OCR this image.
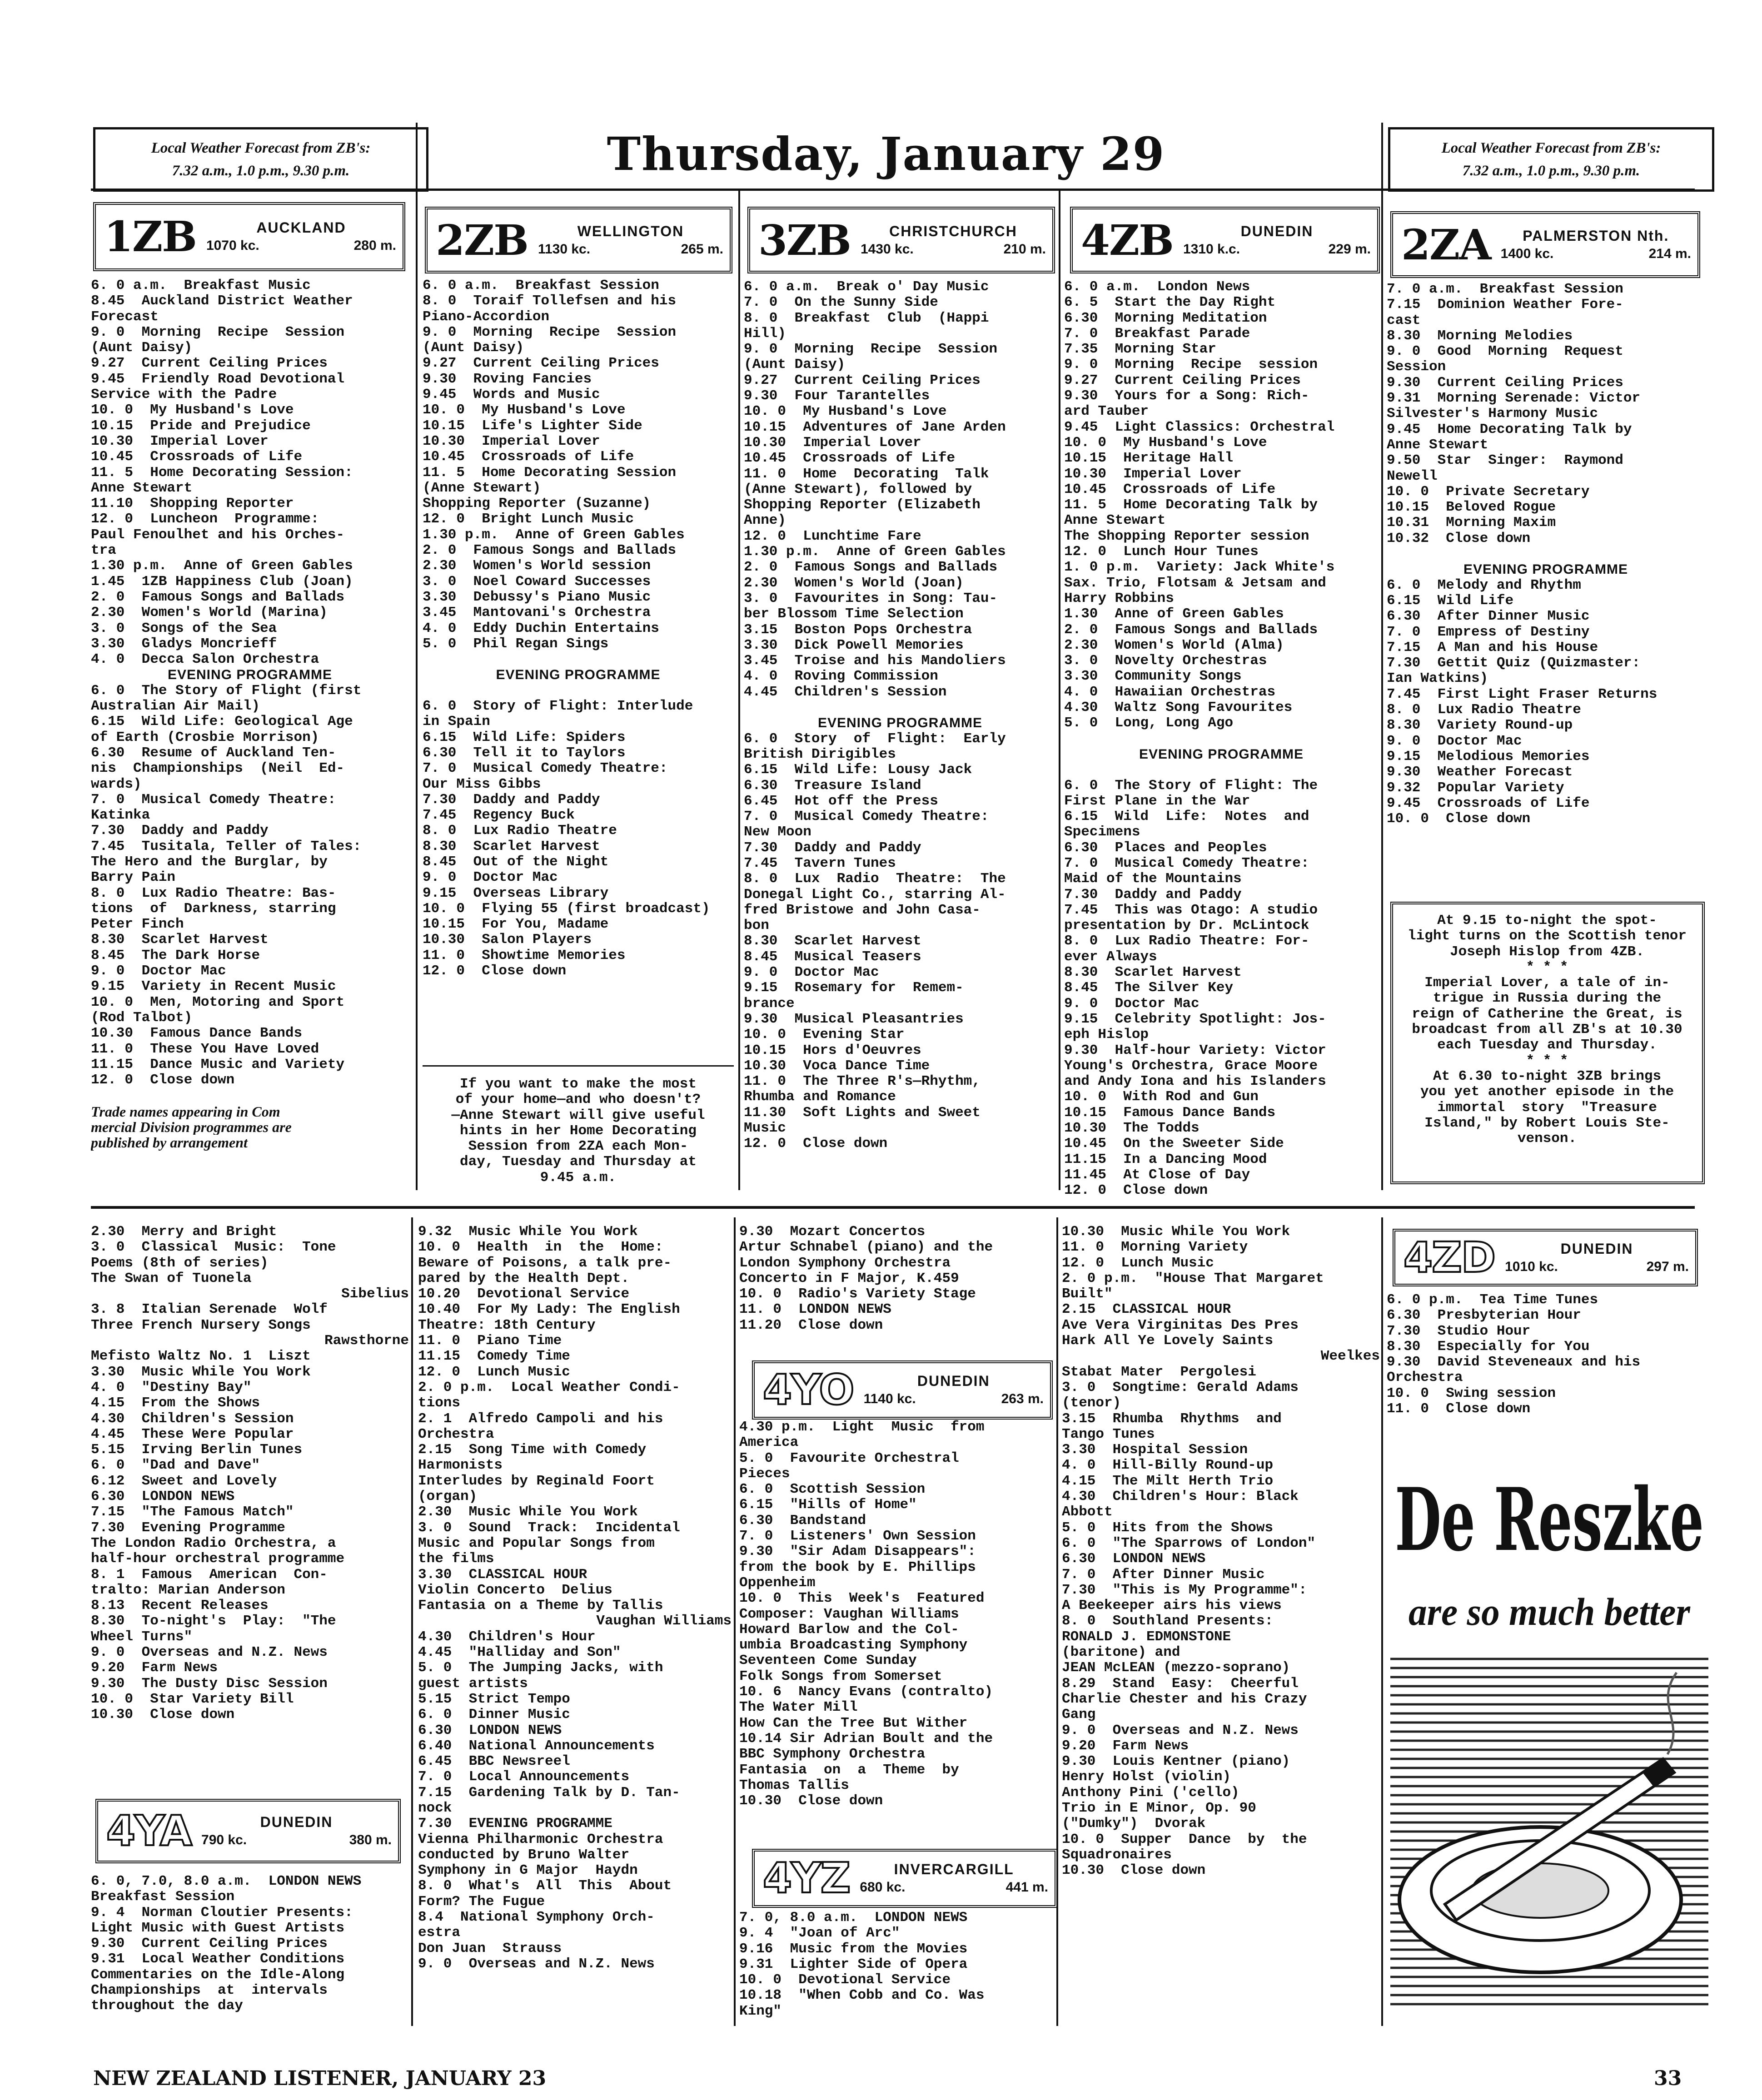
Local Weather Forecast from ZB's:
7.32 a.m., 1.0 p.m., 9.30 p.m.	Thursday, January 29	Local Weather Forecast from ZB's:
7.32 a.m., 1.0 p.m., 9.30 p.m.
1ZB	AUCKLAND
1070 kc.	280 m. 2ZB	WELLINGTON
1130 kc.	265 m. 3ZB	CHRISTCHURCH
1430 kc.	210 m. 4ZB	DUNEDIN
1310 k.c.	229 m. 2ZA	PALMERSTON Nth.
1400 kc.	214 m.
6. 0 a.m.  Breakfast Music
8.45  Auckland District Weather
Forecast
9. 0  Morning  Recipe  Session
(Aunt Daisy)
9.27  Current Ceiling Prices
9.45  Friendly Road Devotional
Service with the Padre
10. 0  My Husband's Love
10.15  Pride and Prejudice
10.30  Imperial Lover
10.45  Crossroads of Life
11. 5  Home Decorating Session:
Anne Stewart
11.10  Shopping Reporter
12. 0  Luncheon  Programme:
Paul Fenoulhet and his Orches-
tra
1.30 p.m.  Anne of Green Gables
1.45  1ZB Happiness Club (Joan)
2. 0  Famous Songs and Ballads
2.30  Women's World (Marina)
3. 0  Songs of the Sea
3.30  Gladys Moncrieff
4. 0  Decca Salon Orchestra
EVENING PROGRAMME
6. 0  The Story of Flight (first
Australian Air Mail)
6.15  Wild Life: Geological Age
of Earth (Crosbie Morrison)
6.30  Resume of Auckland Ten-
nis  Championships  (Neil  Ed-
wards)
7. 0  Musical Comedy Theatre:
Katinka
7.30  Daddy and Paddy
7.45  Tusitala, Teller of Tales:
The Hero and the Burglar, by
Barry Pain
8. 0  Lux Radio Theatre: Bas-
tions  of  Darkness, starring
Peter Finch
8.30  Scarlet Harvest
8.45  The Dark Horse
9. 0  Doctor Mac
9.15  Variety in Recent Music
10. 0  Men, Motoring and Sport
(Rod Talbot)
10.30  Famous Dance Bands
11. 0  These You Have Loved
11.15  Dance Music and Variety
12. 0  Close down
Trade names appearing in Com
mercial Division programmes are
published by arrangement
6. 0 a.m.  Breakfast Session
8. 0  Toraif Tollefsen and his
Piano-Accordion
9. 0  Morning  Recipe  Session
(Aunt Daisy)
9.27  Current Ceiling Prices
9.30  Roving Fancies
9.45  Words and Music
10. 0  My Husband's Love
10.15  Life's Lighter Side
10.30  Imperial Lover
10.45  Crossroads of Life
11. 5  Home Decorating Session
(Anne Stewart)
Shopping Reporter (Suzanne)
12. 0  Bright Lunch Music
1.30 p.m.  Anne of Green Gables
2. 0  Famous Songs and Ballads
2.30  Women's World session
3. 0  Noel Coward Successes
3.30  Debussy's Piano Music
3.45  Mantovani's Orchestra
4. 0  Eddy Duchin Entertains
5. 0  Phil Regan Sings
EVENING PROGRAMME
6. 0  Story of Flight: Interlude
in Spain
6.15  Wild Life: Spiders
6.30  Tell it to Taylors
7. 0  Musical Comedy Theatre:
Our Miss Gibbs
7.30  Daddy and Paddy
7.45  Regency Buck
8. 0  Lux Radio Theatre
8.30  Scarlet Harvest
8.45  Out of the Night
9. 0  Doctor Mac
9.15  Overseas Library
10. 0  Flying 55 (first broadcast)
10.15  For You, Madame
10.30  Salon Players
11. 0  Showtime Memories
12. 0  Close down
If you want to make the most
of your home—and who doesn't?
—Anne Stewart will give useful
hints in her Home Decorating
Session from 2ZA each Mon-
day, Tuesday and Thursday at
9.45 a.m.
6. 0 a.m.  Break o' Day Music
7. 0  On the Sunny Side
8. 0  Breakfast  Club  (Happi
Hill)
9. 0  Morning  Recipe  Session
(Aunt Daisy)
9.27  Current Ceiling Prices
9.30  Four Tarantelles
10. 0  My Husband's Love
10.15  Adventures of Jane Arden
10.30  Imperial Lover
10.45  Crossroads of Life
11. 0  Home  Decorating  Talk
(Anne Stewart), followed by
Shopping Reporter (Elizabeth
Anne)
12. 0  Lunchtime Fare
1.30 p.m.  Anne of Green Gables
2. 0  Famous Songs and Ballads
2.30  Women's World (Joan)
3. 0  Favourites in Song: Tau-
ber Blossom Time Selection
3.15  Boston Pops Orchestra
3.30  Dick Powell Memories
3.45  Troise and his Mandoliers
4. 0  Roving Commission
4.45  Children's Session
EVENING PROGRAMME
6. 0  Story  of  Flight:  Early
British Dirigibles
6.15  Wild Life: Lousy Jack
6.30  Treasure Island
6.45  Hot off the Press
7. 0  Musical Comedy Theatre:
New Moon
7.30  Daddy and Paddy
7.45  Tavern Tunes
8. 0  Lux  Radio  Theatre:  The
Donegal Light Co., starring Al-
fred Bristowe and John Casa-
bon
8.30  Scarlet Harvest
8.45  Musical Teasers
9. 0  Doctor Mac
9.15  Rosemary for  Remem-
brance
9.30  Musical Pleasantries
10. 0  Evening Star
10.15  Hors d'Oeuvres
10.30  Voca Dance Time
11. 0  The Three R's—Rhythm,
Rhumba and Romance
11.30  Soft Lights and Sweet
Music
12. 0  Close down
6. 0 a.m.  London News
6. 5  Start the Day Right
6.30  Morning Meditation
7. 0  Breakfast Parade
7.35  Morning Star
9. 0  Morning  Recipe  session
9.27  Current Ceiling Prices
9.30  Yours for a Song: Rich-
ard Tauber
9.45  Light Classics: Orchestral
10. 0  My Husband's Love
10.15  Heritage Hall
10.30  Imperial Lover
10.45  Crossroads of Life
11. 5  Home Decorating Talk by
Anne Stewart
The Shopping Reporter session
12. 0  Lunch Hour Tunes
1. 0 p.m.  Variety: Jack White's
Sax. Trio, Flotsam & Jetsam and
Harry Robbins
1.30  Anne of Green Gables
2. 0  Famous Songs and Ballads
2.30  Women's World (Alma)
3. 0  Novelty Orchestras
3.30  Community Songs
4. 0  Hawaiian Orchestras
4.30  Waltz Song Favourites
5. 0  Long, Long Ago
EVENING PROGRAMME
6. 0  The Story of Flight: The
First Plane in the War
6.15  Wild  Life:  Notes  and
Specimens
6.30  Places and Peoples
7. 0  Musical Comedy Theatre:
Maid of the Mountains
7.30  Daddy and Paddy
7.45  This was Otago: A studio
presentation by Dr. McLintock
8. 0  Lux Radio Theatre: For-
ever Always
8.30  Scarlet Harvest
8.45  The Silver Key
9. 0  Doctor Mac
9.15  Celebrity Spotlight: Jos-
eph Hislop
9.30  Half-hour Variety: Victor
Young's Orchestra, Grace Moore
and Andy Iona and his Islanders
10. 0  With Rod and Gun
10.15  Famous Dance Bands
10.30  The Todds
10.45  On the Sweeter Side
11.15  In a Dancing Mood
11.45  At Close of Day
12. 0  Close down
7. 0 a.m.  Breakfast Session
7.15  Dominion Weather Fore-
cast
8.30  Morning Melodies
9. 0  Good  Morning  Request
Session
9.30  Current Ceiling Prices
9.31  Morning Serenade: Victor
Silvester's Harmony Music
9.45  Home Decorating Talk by
Anne Stewart
9.50  Star  Singer:  Raymond
Newell
10. 0  Private Secretary
10.15  Beloved Rogue
10.31  Morning Maxim
10.32  Close down
EVENING PROGRAMME
6. 0  Melody and Rhythm
6.15  Wild Life
6.30  After Dinner Music
7. 0  Empress of Destiny
7.15  A Man and his House
7.30  Gettit Quiz (Quizmaster:
Ian Watkins)
7.45  First Light Fraser Returns
8. 0  Lux Radio Theatre
8.30  Variety Round-up
9. 0  Doctor Mac
9.15  Melodious Memories
9.30  Weather Forecast
9.32  Popular Variety
9.45  Crossroads of Life
10. 0  Close down
At 9.15 to-night the spot-
light turns on the Scottish tenor
Joseph Hislop from 4ZB.
* * *
Imperial Lover, a tale of in-
trigue in Russia during the
reign of Catherine the Great, is
broadcast from all ZB's at 10.30
each Tuesday and Thursday.
* * *
At 6.30 to-night 3ZB brings
you yet another episode in the
immortal  story  "Treasure
Island," by Robert Louis Ste-
venson.
2.30  Merry and Bright
3. 0  Classical  Music:  Tone
Poems (8th of series)
The Swan of Tuonela
Sibelius
3. 8  Italian Serenade  Wolf
Three French Nursery Songs
Rawsthorne
Mefisto Waltz No. 1  Liszt
3.30  Music While You Work
4. 0  "Destiny Bay"
4.15  From the Shows
4.30  Children's Session
4.45  These Were Popular
5.15  Irving Berlin Tunes
6. 0  "Dad and Dave"
6.12  Sweet and Lovely
6.30  LONDON NEWS
7.15  "The Famous Match"
7.30  Evening Programme
The London Radio Orchestra, a
half-hour orchestral programme
8. 1  Famous  American  Con-
tralto: Marian Anderson
8.13  Recent Releases
8.30  To-night's  Play:  "The
Wheel Turns"
9. 0  Overseas and N.Z. News
9.20  Farm News
9.30  The Dusty Disc Session
10. 0  Star Variety Bill
10.30  Close down
4YA	DUNEDIN
790 kc.	380 m.
6. 0, 7.0, 8.0 a.m.  LONDON NEWS
Breakfast Session
9. 4  Norman Cloutier Presents:
Light Music with Guest Artists
9.30  Current Ceiling Prices
9.31  Local Weather Conditions
Commentaries on the Idle-Along
Championships  at  intervals
throughout the day
9.32  Music While You Work
10. 0  Health  in  the  Home:
Beware of Poisons, a talk pre-
pared by the Health Dept.
10.20  Devotional Service
10.40  For My Lady: The English
Theatre: 18th Century
11. 0  Piano Time
11.15  Comedy Time
12. 0  Lunch Music
2. 0 p.m.  Local Weather Condi-
tions
2. 1  Alfredo Campoli and his
Orchestra
2.15  Song Time with Comedy
Harmonists
Interludes by Reginald Foort
(organ)
2.30  Music While You Work
3. 0  Sound  Track:  Incidental
Music and Popular Songs from
the films
3.30  CLASSICAL HOUR
Violin Concerto  Delius
Fantasia on a Theme by Tallis
Vaughan Williams
4.30  Children's Hour
4.45  "Halliday and Son"
5. 0  The Jumping Jacks, with
guest artists
5.15  Strict Tempo
6. 0  Dinner Music
6.30  LONDON NEWS
6.40  National Announcements
6.45  BBC Newsreel
7. 0  Local Announcements
7.15  Gardening Talk by D. Tan-
nock
7.30  EVENING PROGRAMME
Vienna Philharmonic Orchestra
conducted by Bruno Walter
Symphony in G Major  Haydn
8. 0  What's  All  This  About
Form? The Fugue
8.4  National Symphony Orch-
estra
Don Juan  Strauss
9. 0  Overseas and N.Z. News
9.30  Mozart Concertos
Artur Schnabel (piano) and the
London Symphony Orchestra
Concerto in F Major, K.459
10. 0  Radio's Variety Stage
11. 0  LONDON NEWS
11.20  Close down
4YO	DUNEDIN
1140 kc.	263 m.
4.30 p.m.  Light  Music  from
America
5. 0  Favourite Orchestral
Pieces
6. 0  Scottish Session
6.15  "Hills of Home"
6.30  Bandstand
7. 0  Listeners' Own Session
9.30  "Sir Adam Disappears":
from the book by E. Phillips
Oppenheim
10. 0  This  Week's  Featured
Composer: Vaughan Williams
Howard Barlow and the Col-
umbia Broadcasting Symphony
Seventeen Come Sunday
Folk Songs from Somerset
10. 6  Nancy Evans (contralto)
The Water Mill
How Can the Tree But Wither
10.14 Sir Adrian Boult and the
BBC Symphony Orchestra
Fantasia  on  a  Theme  by
Thomas Tallis
10.30  Close down
4YZ	INVERCARGILL
680 kc.	441 m.
7. 0, 8.0 a.m.  LONDON NEWS
9. 4  "Joan of Arc"
9.16  Music from the Movies
9.31  Lighter Side of Opera
10. 0  Devotional Service
10.18  "When Cobb and Co. Was
King"
10.30  Music While You Work
11. 0  Morning Variety
12. 0  Lunch Music
2. 0 p.m.  "House That Margaret
Built"
2.15  CLASSICAL HOUR
Ave Vera Virginitas Des Pres
Hark All Ye Lovely Saints
Weelkes
Stabat Mater  Pergolesi
3. 0  Songtime: Gerald Adams
(tenor)
3.15  Rhumba  Rhythms  and
Tango Tunes
3.30  Hospital Session
4. 0  Hill-Billy Round-up
4.15  The Milt Herth Trio
4.30  Children's Hour: Black
Abbott
5. 0  Hits from the Shows
6. 0  "The Sparrows of London"
6.30  LONDON NEWS
7. 0  After Dinner Music
7.30  "This is My Programme":
A Beekeeper airs his views
8. 0  Southland Presents:
RONALD J. EDMONSTONE
(baritone) and
JEAN McLEAN (mezzo-soprano)
8.29  Stand  Easy:  Cheerful
Charlie Chester and his Crazy
Gang
9. 0  Overseas and N.Z. News
9.20  Farm News
9.30  Louis Kentner (piano)
Henry Holst (violin)
Anthony Pini ('cello)
Trio in E Minor, Op. 90
("Dumky")  Dvorak
10. 0  Supper  Dance  by  the
Squadronaires
10.30  Close down
4ZD	DUNEDIN
1010 kc.	297 m.
6. 0 p.m.  Tea Time Tunes
6.30  Presbyterian Hour
7.30  Studio Hour
8.30  Especially for You
9.30  David Steveneaux and his
Orchestra
10. 0  Swing session
11. 0  Close down
De Reszke
are so much better
NEW ZEALAND LISTENER, JANUARY 23	33
